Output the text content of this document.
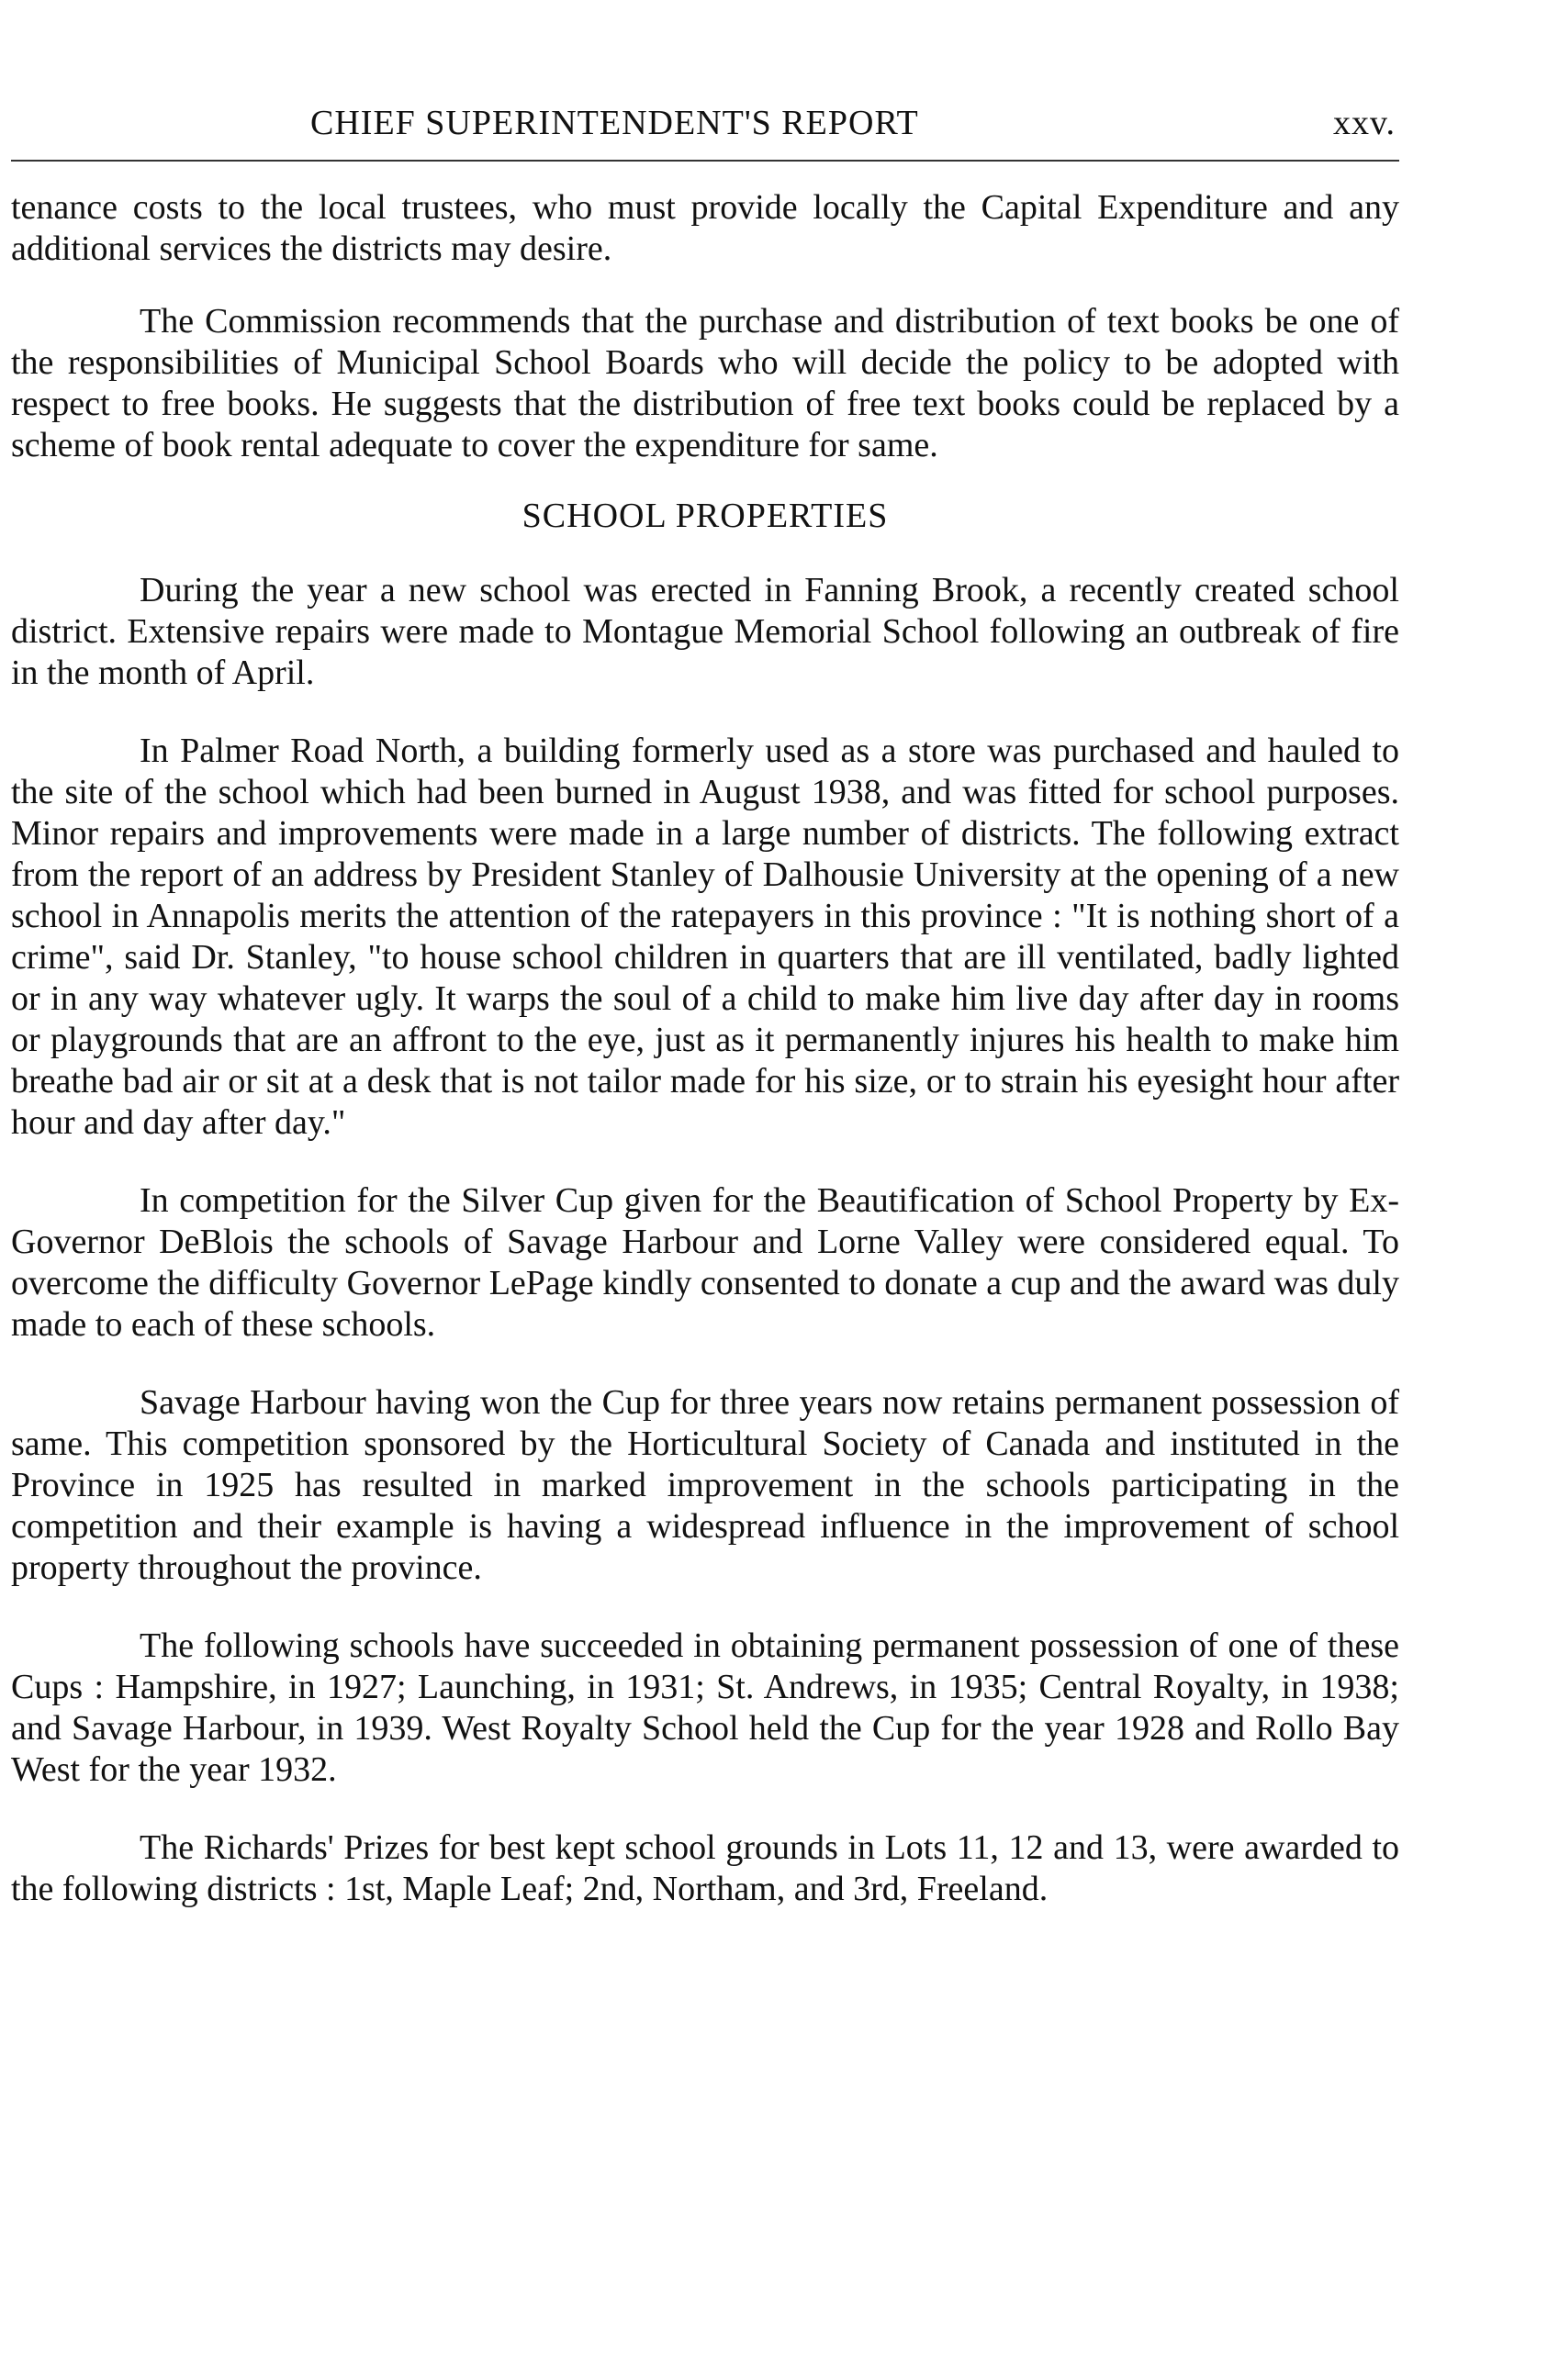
CHIEF SUPERINTENDENT'S REPORT	xxv.

tenance costs to the local trustees, who must provide locally the Capital Expenditure and any additional services the districts may desire.

The Commission recommends that the purchase and distribution of text books be one of the responsibilities of Municipal School Boards who will decide the policy to be adopted with respect to free books. He suggests that the distribution of free text books could be replaced by a scheme of book rental adequate to cover the expenditure for same.

SCHOOL PROPERTIES

During the year a new school was erected in Fanning Brook, a recently created school district. Extensive repairs were made to Montague Memorial School following an outbreak of fire in the month of April.

In Palmer Road North, a building formerly used as a store was purchased and hauled to the site of the school which had been burned in August 1938, and was fitted for school purposes. Minor repairs and improvements were made in a large number of districts. The following extract from the report of an address by President Stanley of Dalhousie University at the opening of a new school in Annapolis merits the attention of the ratepayers in this province : "It is nothing short of a crime", said Dr. Stanley, "to house school children in quarters that are ill ventilated, badly lighted or in any way whatever ugly. It warps the soul of a child to make him live day after day in rooms or playgrounds that are an affront to the eye, just as it permanently injures his health to make him breathe bad air or sit at a desk that is not tailor made for his size, or to strain his eyesight hour after hour and day after day."

In competition for the Silver Cup given for the Beautification of School Property by Ex-Governor DeBlois the schools of Savage Harbour and Lorne Valley were considered equal. To overcome the difficulty Governor LePage kindly consented to donate a cup and the award was duly made to each of these schools.

Savage Harbour having won the Cup for three years now retains permanent possession of same. This competition sponsored by the Horticultural Society of Canada and instituted in the Province in 1925 has resulted in marked improvement in the schools participating in the competition and their example is having a widespread influence in the improvement of school property throughout the province.

The following schools have succeeded in obtaining permanent possession of one of these Cups : Hampshire, in 1927; Launching, in 1931; St. Andrews, in 1935; Central Royalty, in 1938; and Savage Harbour, in 1939. West Royalty School held the Cup for the year 1928 and Rollo Bay West for the year 1932.

The Richards' Prizes for best kept school grounds in Lots 11, 12 and 13, were awarded to the following districts : 1st, Maple Leaf; 2nd, Northam, and 3rd, Freeland.
